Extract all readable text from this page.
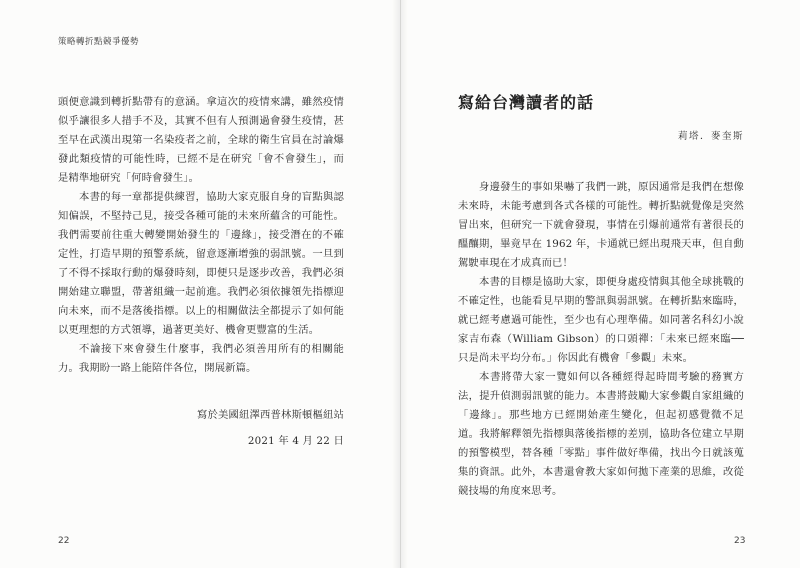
策略轉折點競爭優勢

頭便意識到轉折點帶有的意涵。拿這次的疫情來講，雖然疫情似乎讓很多人措手不及，其實不但有人預測過會發生疫情，甚至早在武漢出現第一名染疫者之前，全球的衛生官員在討論爆發此類疫情的可能性時，已經不是在研究「會不會發生」，而是精準地研究「何時會發生」。

本書的每一章都提供練習，協助大家克服自身的盲點與認知偏誤，不堅持己見，接受各種可能的未來所蘊含的可能性。我們需要前往重大轉變開始發生的「邊緣」，接受潛在的不確定性，打造早期的預警系統，留意逐漸增強的弱訊號。一旦到了不得不採取行動的爆發時刻，即便只是逐步改善，我們必須開始建立聯盟，帶著組織一起前進。我們必須依據領先指標迎向未來，而不是落後指標。以上的相關做法全都提示了如何能以更理想的方式領導，過著更美好、機會更豐富的生活。

不論接下來會發生什麼事，我們必須善用所有的相關能力。我期盼一路上能陪伴各位，開展新篇。

寫於美國紐澤西普林斯頓樞紐站
2021 年 4 月 22 日
22
寫給台灣讀者的話
莉塔．麥奎斯

身邊發生的事如果嚇了我們一跳，原因通常是我們在想像未來時，未能考慮到各式各樣的可能性。轉折點就覺像是突然冒出來，但研究一下就會發現，事情在引爆前通常有著很長的醞釀期，畢竟早在 1962 年，卡通就已經出現飛天車，但自動駕駛車現在才成真而已！

本書的目標是協助大家，即便身處疫情與其他全球挑戰的不確定性，也能看見早期的警訊與弱訊號。在轉折點來臨時，就已經考慮過可能性，至少也有心理準備。如同著名科幻小說家吉布森（William Gibson）的口頭禪：「未來已經來臨──只是尚未平均分布。」你因此有機會「參觀」未來。

本書將帶大家一覽如何以各種經得起時間考驗的務實方法，提升偵測弱訊號的能力。本書將鼓勵大家參觀自家組織的「邊緣」。那些地方已經開始產生變化，但起初感覺微不足道。我將解釋領先指標與落後指標的差別，協助各位建立早期的預警模型，替各種「零點」事件做好準備，找出今日就該蒐集的資訊。此外，本書還會教大家如何拋下產業的思維，改從競技場的角度來思考。

23
